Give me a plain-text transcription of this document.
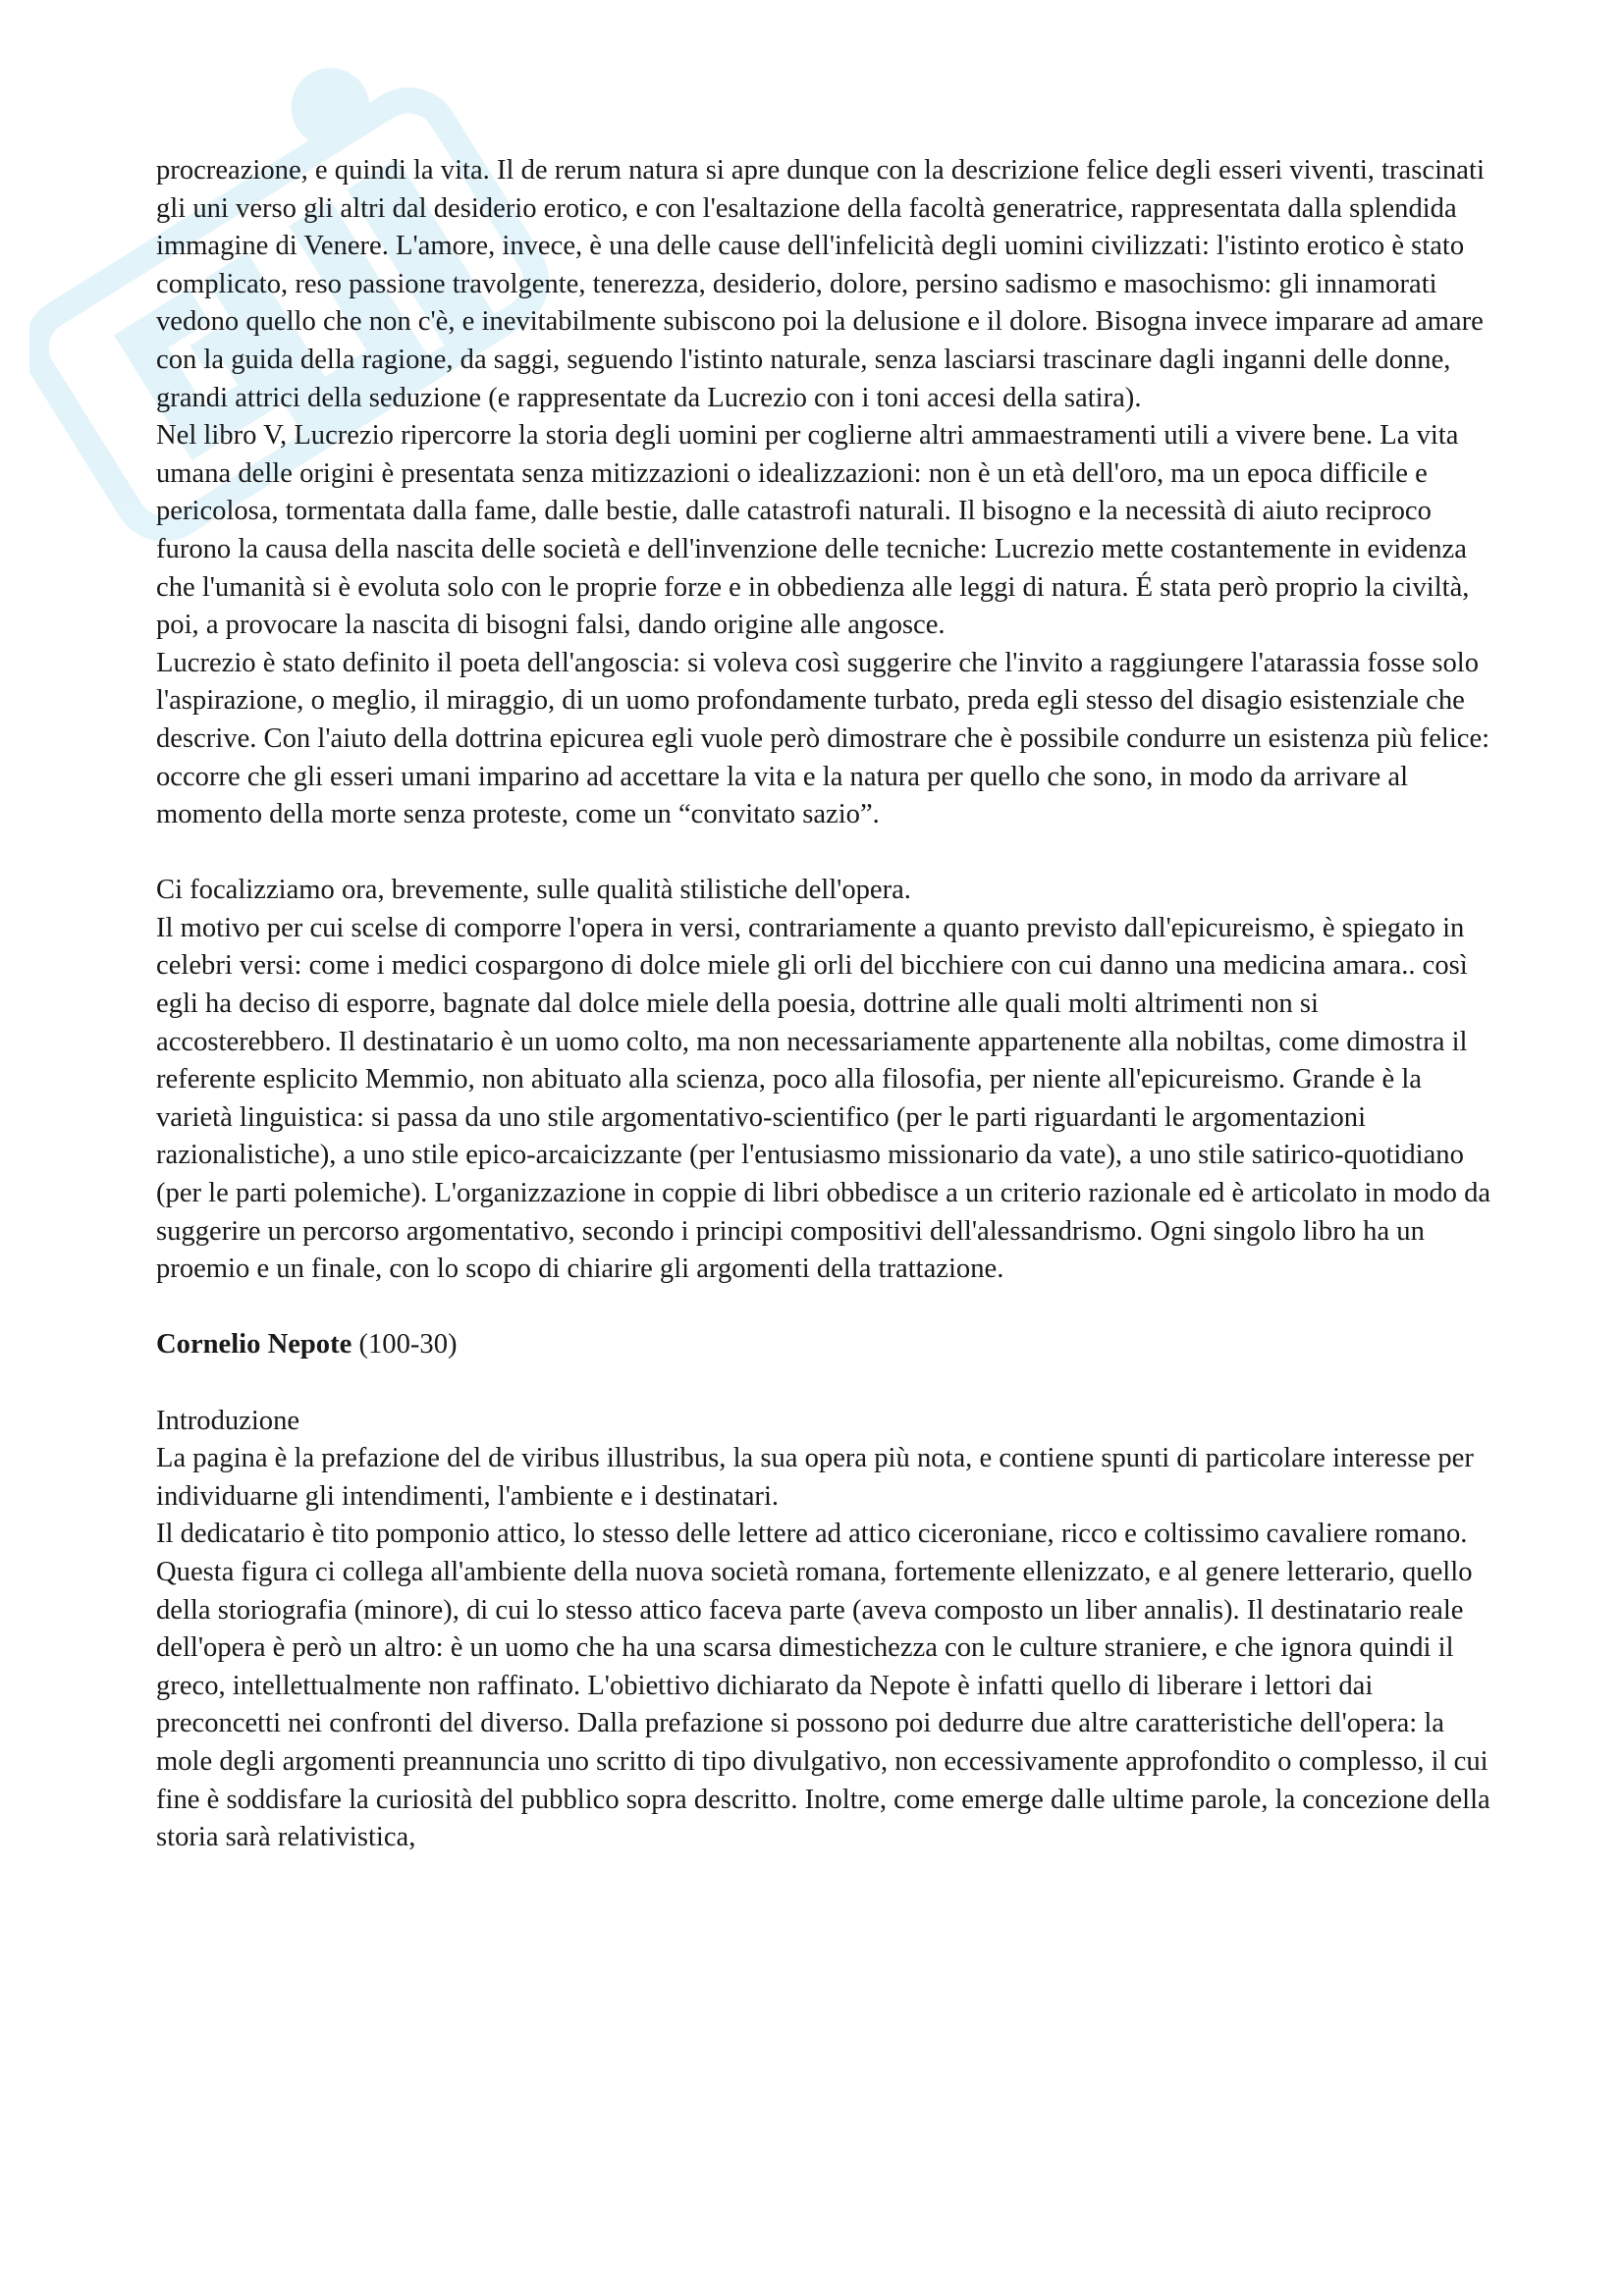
procreazione, e quindi la vita. Il de rerum natura si apre dunque con la descrizione felice degli esseri viventi, trascinati gli uni verso gli altri dal desiderio erotico, e con l'esaltazione della facoltà generatrice, rappresentata dalla splendida immagine di Venere. L'amore, invece, è una delle cause dell'infelicità degli uomini civilizzati: l'istinto erotico è stato complicato, reso passione travolgente, tenerezza, desiderio, dolore, persino sadismo e masochismo: gli innamorati vedono quello che non c'è, e inevitabilmente subiscono poi la delusione e il dolore. Bisogna invece imparare ad amare con la guida della ragione, da saggi, seguendo l'istinto naturale, senza lasciarsi trascinare dagli inganni delle donne, grandi attrici della seduzione (e rappresentate da Lucrezio con i toni accesi della satira).

Nel libro V, Lucrezio ripercorre la storia degli uomini per coglierne altri ammaestramenti utili a vivere bene. La vita umana delle origini è presentata senza mitizzazioni o idealizzazioni: non è un età dell'oro, ma un epoca difficile e pericolosa, tormentata dalla fame, dalle bestie, dalle catastrofi naturali. Il bisogno e la necessità di aiuto reciproco furono la causa della nascita delle società e dell'invenzione delle tecniche: Lucrezio mette costantemente in evidenza che l'umanità si è evoluta solo con le proprie forze e in obbedienza alle leggi di natura. É stata però proprio la civiltà, poi, a provocare la nascita di bisogni falsi, dando origine alle angosce.

Lucrezio è stato definito il poeta dell'angoscia: si voleva così suggerire che l'invito a raggiungere l'atarassia fosse solo l'aspirazione, o meglio, il miraggio, di un uomo profondamente turbato, preda egli stesso del disagio esistenziale che descrive. Con l'aiuto della dottrina epicurea egli vuole però dimostrare che è possibile condurre un esistenza più felice: occorre che gli esseri umani imparino ad accettare la vita e la natura per quello che sono, in modo da arrivare al momento della morte senza proteste, come un “convitato sazio”.

Ci focalizziamo ora, brevemente, sulle qualità stilistiche dell'opera.

Il motivo per cui scelse di comporre l'opera in versi, contrariamente a quanto previsto dall'epicureismo, è spiegato in celebri versi: come i medici cospargono di dolce miele gli orli del bicchiere con cui danno una medicina amara.. così egli ha deciso di esporre, bagnate dal dolce miele della poesia, dottrine alle quali molti altrimenti non si accosterebbero. Il destinatario è un uomo colto, ma non necessariamente appartenente alla nobiltas, come dimostra il referente esplicito Memmio, non abituato alla scienza, poco alla filosofia, per niente all'epicureismo. Grande è la varietà linguistica: si passa da uno stile argomentativo-scientifico (per le parti riguardanti le argomentazioni razionalistiche), a uno stile epico-arcaicizzante (per l'entusiasmo missionario da vate), a uno stile satirico-quotidiano (per le parti polemiche). L'organizzazione in coppie di libri obbedisce a un criterio razionale ed è articolato in modo da suggerire un percorso argomentativo, secondo i principi compositivi dell'alessandrismo. Ogni singolo libro ha un proemio e un finale, con lo scopo di chiarire gli argomenti della trattazione.

Cornelio Nepote (100-30)

Introduzione

La pagina è la prefazione del de viribus illustribus, la sua opera più nota, e contiene spunti di particolare interesse per individuarne gli intendimenti, l'ambiente e i destinatari.

Il dedicatario è tito pomponio attico, lo stesso delle lettere ad attico ciceroniane, ricco e coltissimo cavaliere romano. Questa figura ci collega all'ambiente della nuova società romana, fortemente ellenizzato, e al genere letterario, quello della storiografia (minore), di cui lo stesso attico faceva parte (aveva composto un liber annalis). Il destinatario reale dell'opera è però un altro: è un uomo che ha una scarsa dimestichezza con le culture straniere, e che ignora quindi il greco, intellettualmente non raffinato. L'obiettivo dichiarato da Nepote è infatti quello di liberare i lettori dai preconcetti nei confronti del diverso. Dalla prefazione si possono poi dedurre due altre caratteristiche dell'opera: la mole degli argomenti preannuncia uno scritto di tipo divulgativo, non eccessivamente approfondito o complesso, il cui fine è soddisfare la curiosità del pubblico sopra descritto. Inoltre, come emerge dalle ultime parole, la concezione della storia sarà relativistica,
